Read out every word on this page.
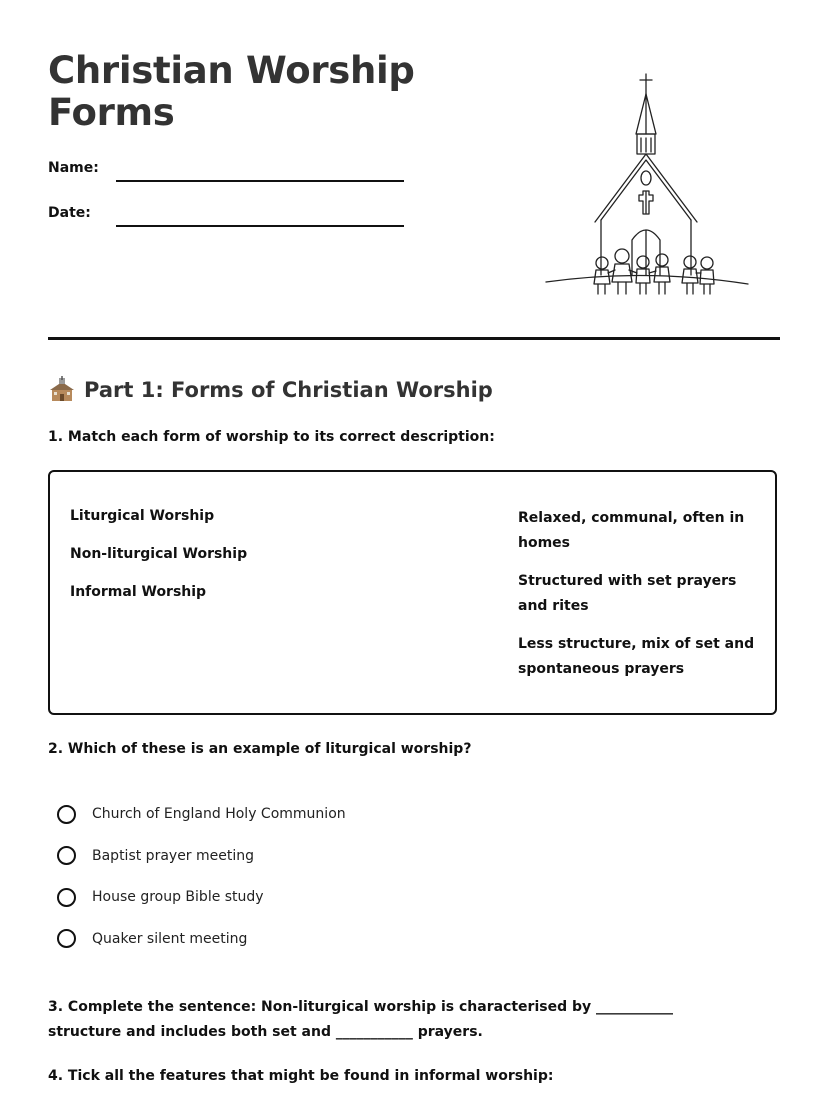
Christian Worship Forms
Name:
Date:
Part 1: Forms of Christian Worship
1. Match each form of worship to its correct description:
Liturgical Worship
Non-liturgical Worship
Informal Worship
Relaxed, communal, often in homes
Structured with set prayers and rites
Less structure, mix of set and spontaneous prayers
2. Which of these is an example of liturgical worship?
Church of England Holy Communion
Baptist prayer meeting
House group Bible study
Quaker silent meeting
3. Complete the sentence: Non-liturgical worship is characterised by ___________ structure and includes both set and ___________ prayers.
4. Tick all the features that might be found in informal worship:
